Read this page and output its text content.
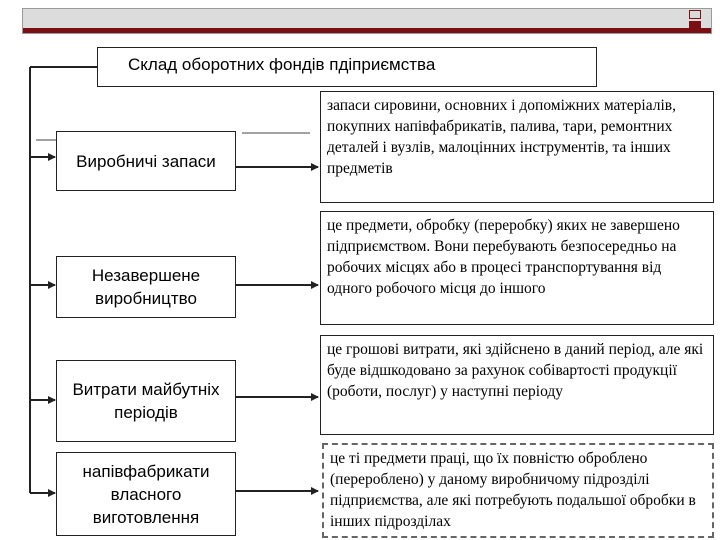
Склад оборотних фондів пдіприємства
Виробничі запаси
Незавершене виробництво
Витрати майбутніх періодів
напівфабрикати власного виготовлення
запаси сировини, основних і допоміжних матеріалів, покупних напівфабрикатів, палива, тари, ремонтних деталей і вузлів, малоцінних інструментів, та інших предметів
це предмети, обробку (переробку) яких не завершено підприємством. Вони перебувають безпосередньо на робочих місцях або в процесі транспортування від одного робочого місця до іншого
це грошові витрати, які здійснено в даний період, але які буде відшкодовано за рахунок собівартості продукції (роботи, послуг) у наступні періоду
це ті предмети праці, що їх повністю оброблено (перероблено) у даному виробничому підрозділі підприємства, але які потребують подальшої обробки в інших підрозділах
